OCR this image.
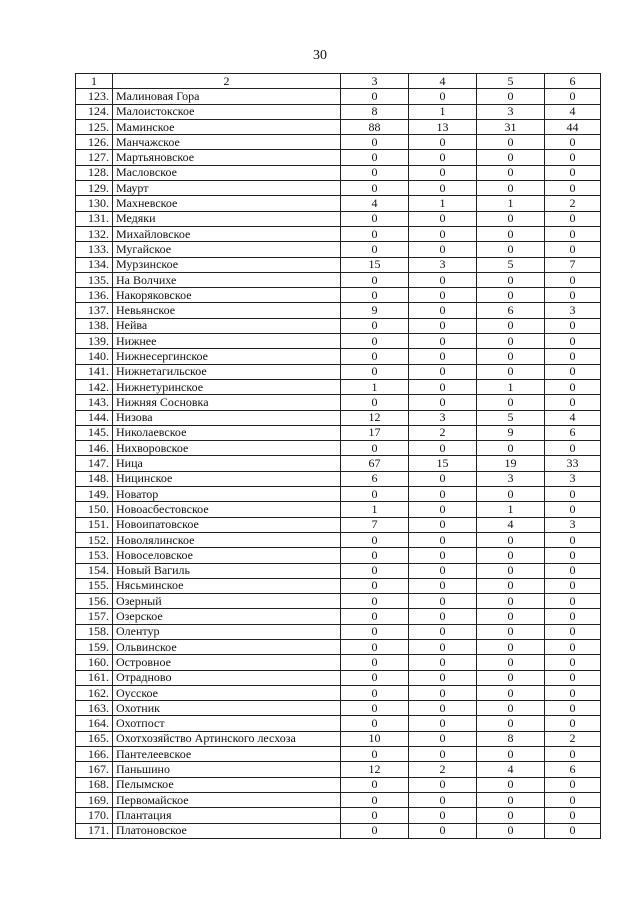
30
1	2	3	4	5	6
123.	Малиновая Гора	0	0	0	0
124.	Малоистокское	8	1	3	4
125.	Маминское	88	13	31	44
126.	Манчажское	0	0	0	0
127.	Мартьяновское	0	0	0	0
128.	Масловское	0	0	0	0
129.	Маурт	0	0	0	0
130.	Махневское	4	1	1	2
131.	Медяки	0	0	0	0
132.	Михайловское	0	0	0	0
133.	Мугайское	0	0	0	0
134.	Мурзинское	15	3	5	7
135.	На Волчихе	0	0	0	0
136.	Накоряковское	0	0	0	0
137.	Невьянское	9	0	6	3
138.	Нейва	0	0	0	0
139.	Нижнее	0	0	0	0
140.	Нижнесергинское	0	0	0	0
141.	Нижнетагильское	0	0	0	0
142.	Нижнетуринское	1	0	1	0
143.	Нижняя Сосновка	0	0	0	0
144.	Низова	12	3	5	4
145.	Николаевское	17	2	9	6
146.	Нихворовское	0	0	0	0
147.	Ница	67	15	19	33
148.	Ницинское	6	0	3	3
149.	Новатор	0	0	0	0
150.	Новоасбестовское	1	0	1	0
151.	Новоипатовское	7	0	4	3
152.	Новолялинское	0	0	0	0
153.	Новоселовское	0	0	0	0
154.	Новый Вагиль	0	0	0	0
155.	Нясьминское	0	0	0	0
156.	Озерный	0	0	0	0
157.	Озерское	0	0	0	0
158.	Олентур	0	0	0	0
159.	Ольвинское	0	0	0	0
160.	Островное	0	0	0	0
161.	Отрадново	0	0	0	0
162.	Оусское	0	0	0	0
163.	Охотник	0	0	0	0
164.	Охотпост	0	0	0	0
165.	Охотхозяйство Артинского лесхоза	10	0	8	2
166.	Пантелеевское	0	0	0	0
167.	Паньшино	12	2	4	6
168.	Пелымское	0	0	0	0
169.	Первомайское	0	0	0	0
170.	Плантация	0	0	0	0
171.	Платоновское	0	0	0	0
